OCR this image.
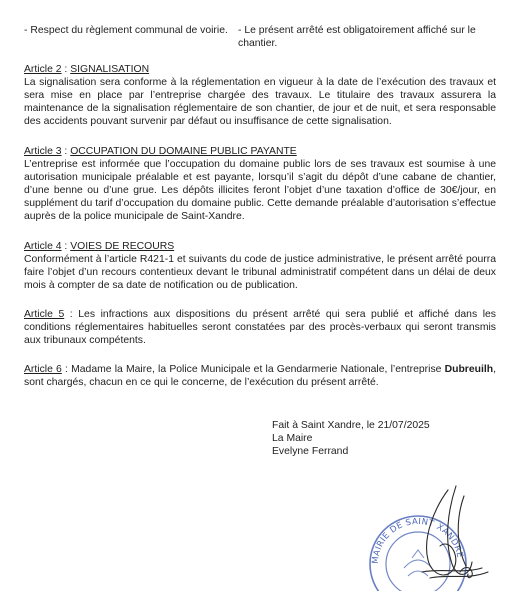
- Respect du règlement communal de voirie. - Le présent arrêté est obligatoirement affiché sur le chantier.
Article 2 : SIGNALISATION

La signalisation sera conforme à la réglementation en vigueur à la date de l’exécution des travaux et sera mise en place par l’entreprise chargée des travaux. Le titulaire des travaux assurera la maintenance de la signalisation réglementaire de son chantier, de jour et de nuit, et sera responsable des accidents pouvant survenir par défaut ou insuffisance de cette signalisation.

Article 3 : OCCUPATION DU DOMAINE PUBLIC PAYANTE

L’entreprise est informée que l’occupation du domaine public lors de ses travaux est soumise à une autorisation municipale préalable et est payante, lorsqu’il s’agit du dépôt d’une cabane de chantier, d’une benne ou d’une grue. Les dépôts illicites feront l’objet d’une taxation d’office de 30€/jour, en supplément du tarif d’occupation du domaine public. Cette demande préalable d’autorisation s’effectue auprès de la police municipale de Saint-Xandre.

Article 4 : VOIES DE RECOURS

Conformément à l’article R421-1 et suivants du code de justice administrative, le présent arrêté pourra faire l’objet d’un recours contentieux devant le tribunal administratif compétent dans un délai de deux mois à compter de sa date de notification ou de publication.

Article 5 : Les infractions aux dispositions du présent arrêté qui sera publié et affiché dans les conditions réglementaires habituelles seront constatées par des procès-verbaux qui seront transmis aux tribunaux compétents.

Article 6 : Madame la Maire, la Police Municipale et la Gendarmerie Nationale, l’entreprise Dubreuilh, sont chargés, chacun en ce qui le concerne, de l’exécution du présent arrêté.

Fait à Saint Xandre, le 21/07/2025
La Maire
Evelyne Ferrand
MAIRIE DE SAINT XANDRE
